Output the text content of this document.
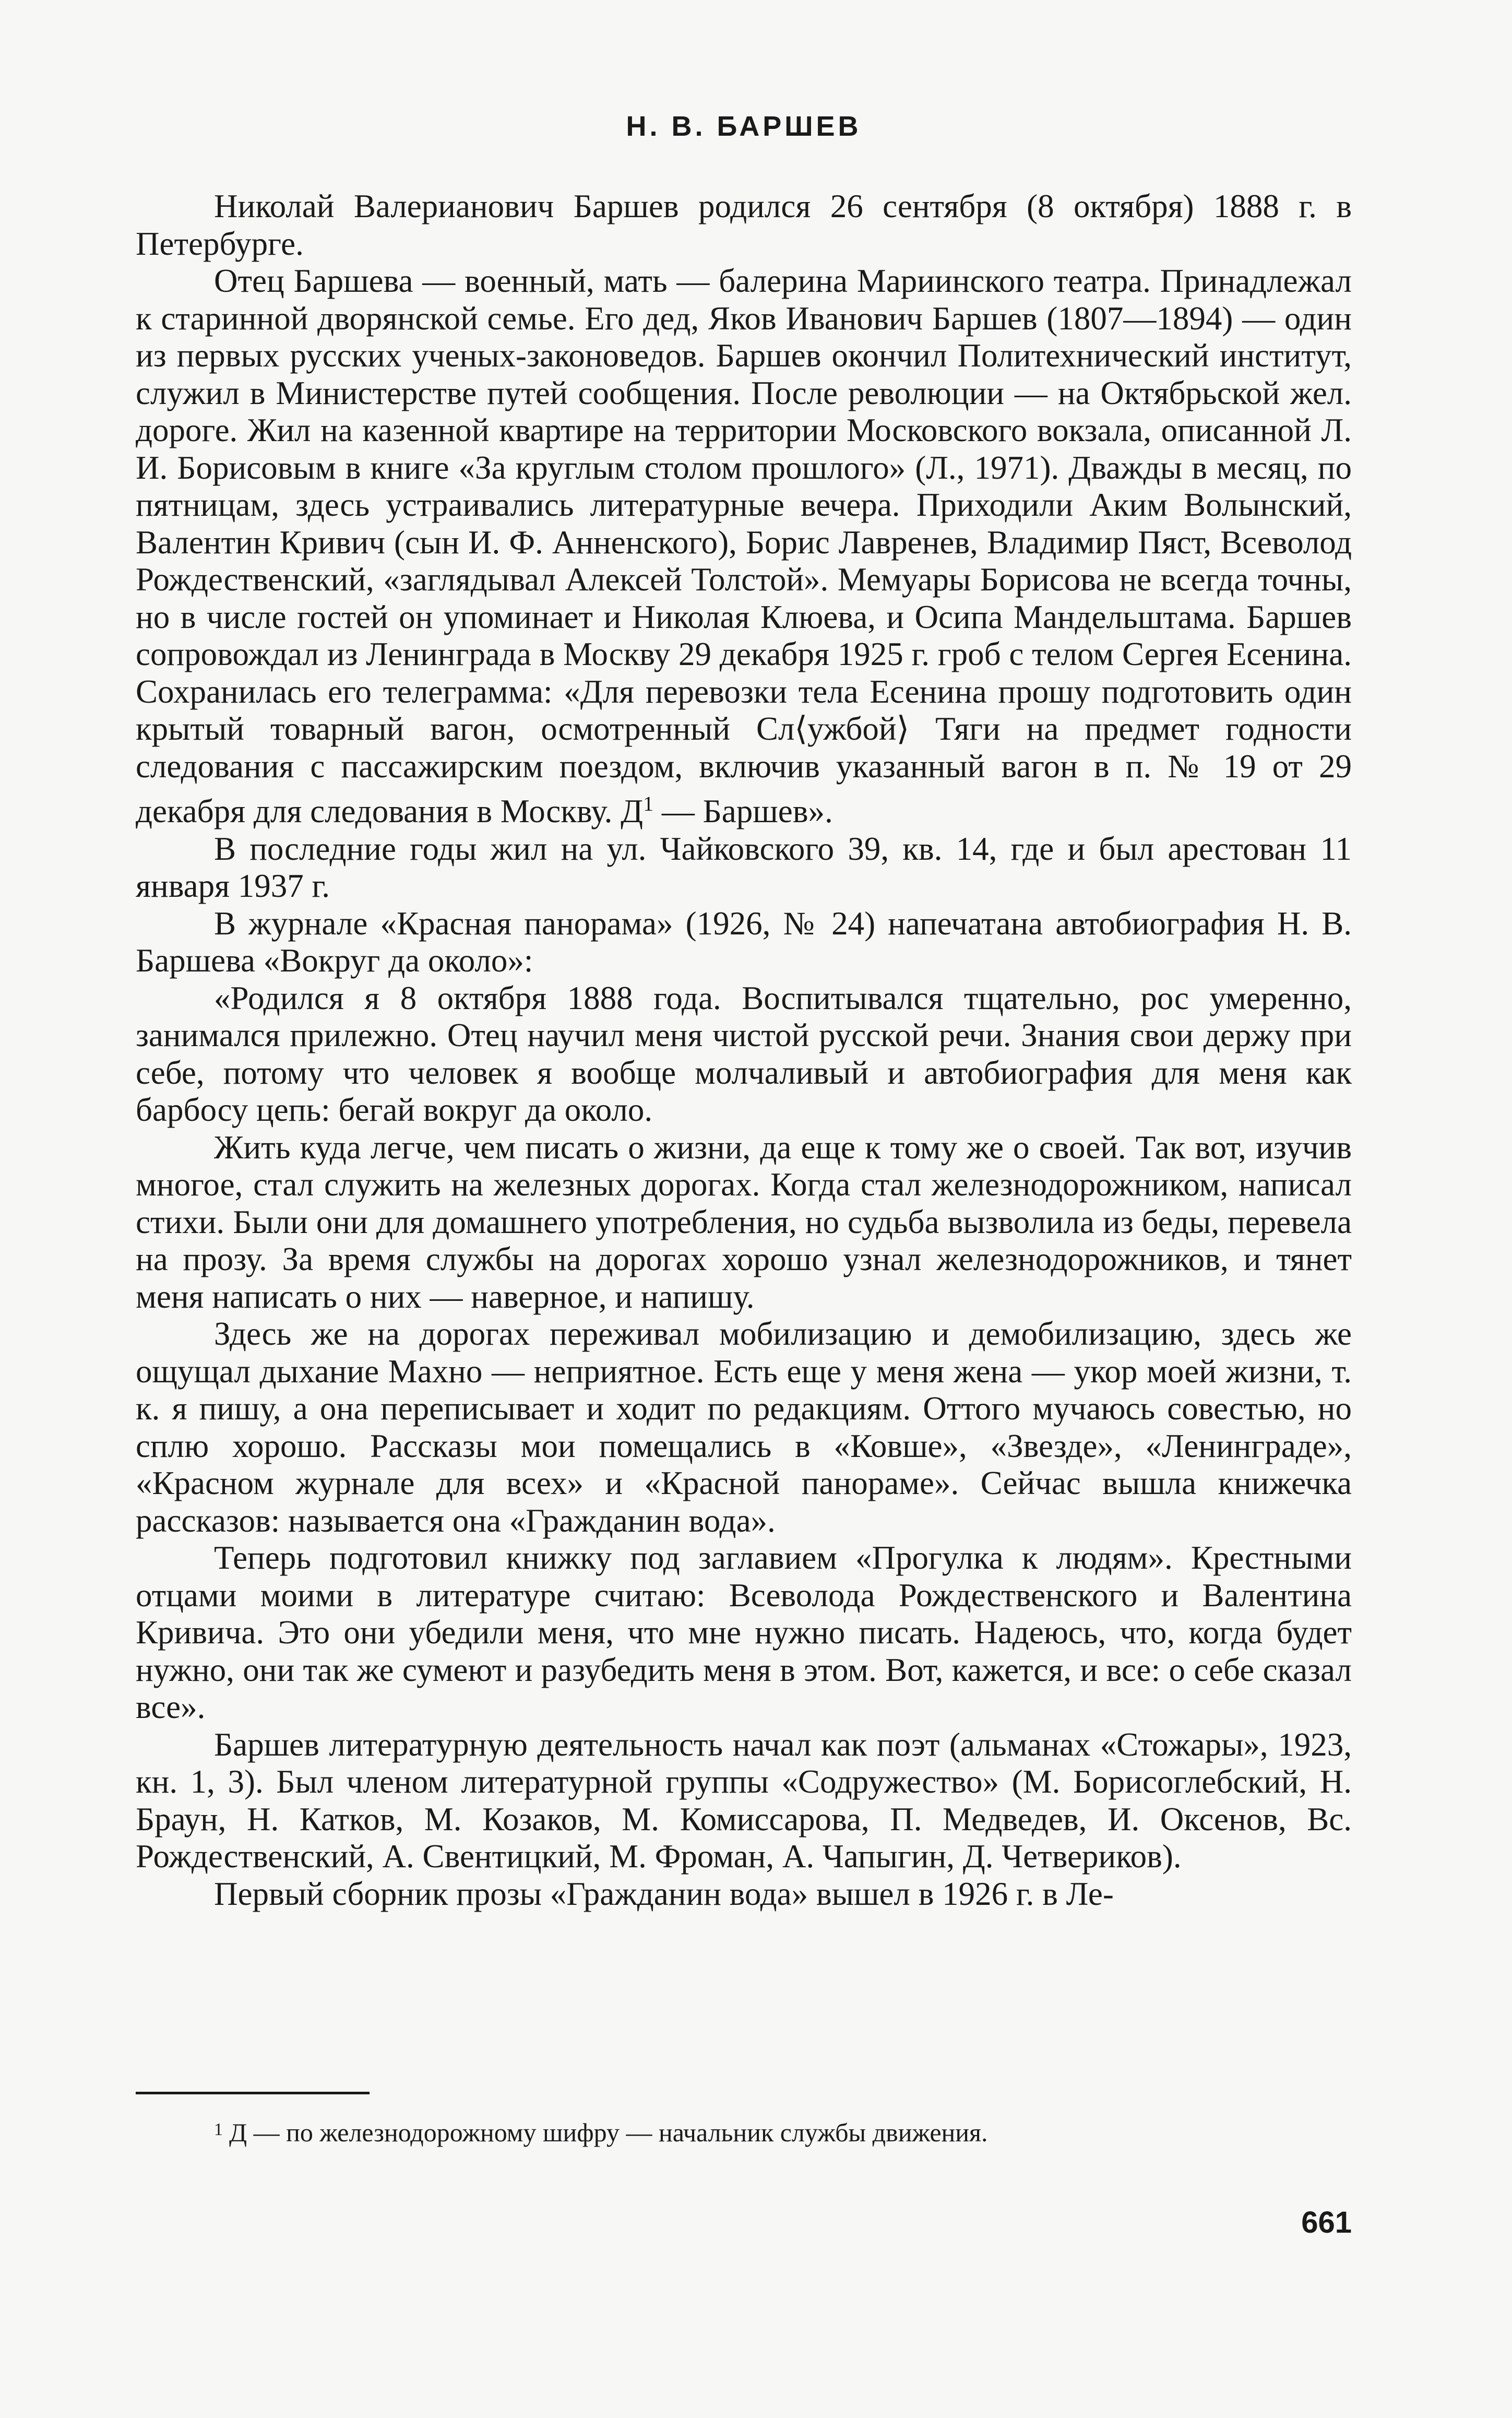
Н. В. БАРШЕВ

Николай Валерианович Баршев родился 26 сентября (8 октября) 1888 г. в Петербурге.

Отец Баршева — военный, мать — балерина Мариинского театра. Принадлежал к старинной дворянской семье. Его дед, Яков Иванович Баршев (1807—1894) — один из первых русских ученых-законоведов. Баршев окончил Политехнический институт, служил в Министерстве путей сообщения. После революции — на Октябрьской жел. дороге. Жил на казенной квартире на территории Московского вокзала, описанной Л. И. Борисовым в книге «За круглым столом прошлого» (Л., 1971). Дважды в месяц, по пятницам, здесь устраивались литературные вечера. Приходили Аким Волынский, Валентин Кривич (сын И. Ф. Анненского), Борис Лавренев, Владимир Пяст, Всеволод Рождественский, «заглядывал Алексей Толстой». Мемуары Борисова не всегда точны, но в числе гостей он упоминает и Николая Клюева, и Осипа Мандельштама. Баршев сопровождал из Ленинграда в Москву 29 декабря 1925 г. гроб с телом Сергея Есенина. Сохранилась его телеграмма: «Для перевозки тела Есенина прошу подготовить один крытый товарный вагон, осмотренный Сл⟨ужбой⟩ Тяги на предмет годности следования с пассажирским поездом, включив указанный вагон в п. № 19 от 29 декабря для следования в Москву. Д$^1$ — Баршев».

В последние годы жил на ул. Чайковского 39, кв. 14, где и был арестован 11 января 1937 г.

В журнале «Красная панорама» (1926, № 24) напечатана автобиография Н. В. Баршева «Вокруг да около»:

«Родился я 8 октября 1888 года. Воспитывался тщательно, рос умеренно, занимался прилежно. Отец научил меня чистой русской речи. Знания свои держу при себе, потому что человек я вообще молчаливый и автобиография для меня как барбосу цепь: бегай вокруг да около.

Жить куда легче, чем писать о жизни, да еще к тому же о своей. Так вот, изучив многое, стал служить на железных дорогах. Когда стал железнодорожником, написал стихи. Были они для домашнего употребления, но судьба вызволила из беды, перевела на прозу. За время службы на дорогах хорошо узнал железнодорожников, и тянет меня написать о них — наверное, и напишу.

Здесь же на дорогах переживал мобилизацию и демобилизацию, здесь же ощущал дыхание Махно — неприятное. Есть еще у меня жена — укор моей жизни, т. к. я пишу, а она переписывает и ходит по редакциям. Оттого мучаюсь совестью, но сплю хорошо. Рассказы мои помещались в «Ковше», «Звезде», «Ленинграде», «Красном журнале для всех» и «Красной панораме». Сейчас вышла книжечка рассказов: называется она «Гражданин вода».

Теперь подготовил книжку под заглавием «Прогулка к людям». Крестными отцами моими в литературе считаю: Всеволода Рождественского и Валентина Кривича. Это они убедили меня, что мне нужно писать. Надеюсь, что, когда будет нужно, они так же сумеют и разубедить меня в этом. Вот, кажется, и все: о себе сказал все».

Баршев литературную деятельность начал как поэт (альманах «Стожары», 1923, кн. 1, 3). Был членом литературной группы «Содружество» (М. Борисоглебский, Н. Браун, Н. Катков, М. Козаков, М. Комиссарова, П. Медведев, И. Оксенов, Вс. Рождественский, А. Свентицкий, М. Фроман, А. Чапыгин, Д. Четвериков).

Первый сборник прозы «Гражданин вода» вышел в 1926 г. в Ле-

$^1$ Д — по железнодорожному шифру — начальник службы движения.
661
